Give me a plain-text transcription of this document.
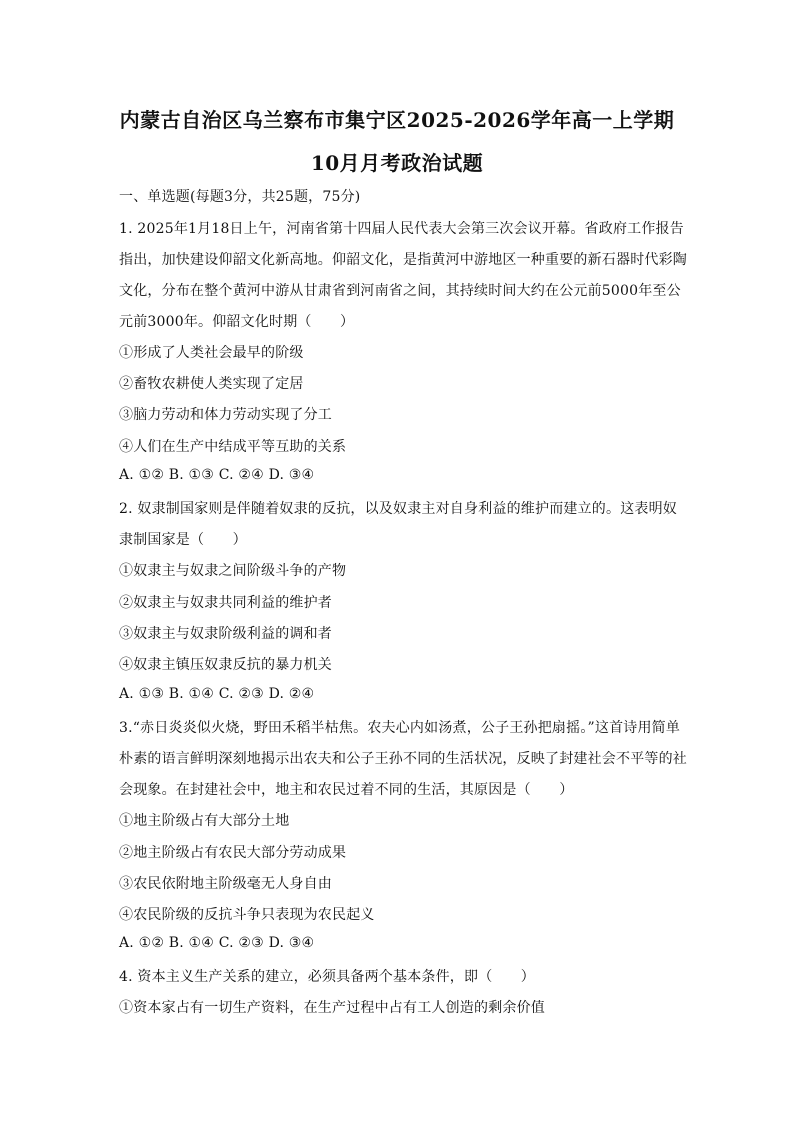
内蒙古自治区乌兰察布市集宁区2025-2026学年高一上学期
10月月考政治试题
一、单选题(每题3分，共25题，75分)
1. 2025年1月18日上午，河南省第十四届人民代表大会第三次会议开幕。省政府工作报告
指出，加快建设仰韶文化新高地。仰韶文化，是指黄河中游地区一种重要的新石器时代彩陶
文化，分布在整个黄河中游从甘肃省到河南省之间，其持续时间大约在公元前5000年至公
元前3000年。仰韶文化时期（　　）
①形成了人类社会最早的阶级
②畜牧农耕使人类实现了定居
③脑力劳动和体力劳动实现了分工
④人们在生产中结成平等互助的关系
A. ①② B. ①③ C. ②④ D. ③④
2. 奴隶制国家则是伴随着奴隶的反抗，以及奴隶主对自身利益的维护而建立的。这表明奴
隶制国家是（　　）
①奴隶主与奴隶之间阶级斗争的产物
②奴隶主与奴隶共同利益的维护者
③奴隶主与奴隶阶级利益的调和者
④奴隶主镇压奴隶反抗的暴力机关
A. ①③ B. ①④ C. ②③ D. ②④
3.“赤日炎炎似火烧，野田禾稻半枯焦。农夫心内如汤煮，公子王孙把扇摇。”这首诗用简单
朴素的语言鲜明深刻地揭示出农夫和公子王孙不同的生活状况，反映了封建社会不平等的社
会现象。在封建社会中，地主和农民过着不同的生活，其原因是（　　）
①地主阶级占有大部分土地
②地主阶级占有农民大部分劳动成果
③农民依附地主阶级毫无人身自由
④农民阶级的反抗斗争只表现为农民起义
A. ①② B. ①④ C. ②③ D. ③④
4. 资本主义生产关系的建立，必须具备两个基本条件，即（　　）
①资本家占有一切生产资料，在生产过程中占有工人创造的剩余价值
